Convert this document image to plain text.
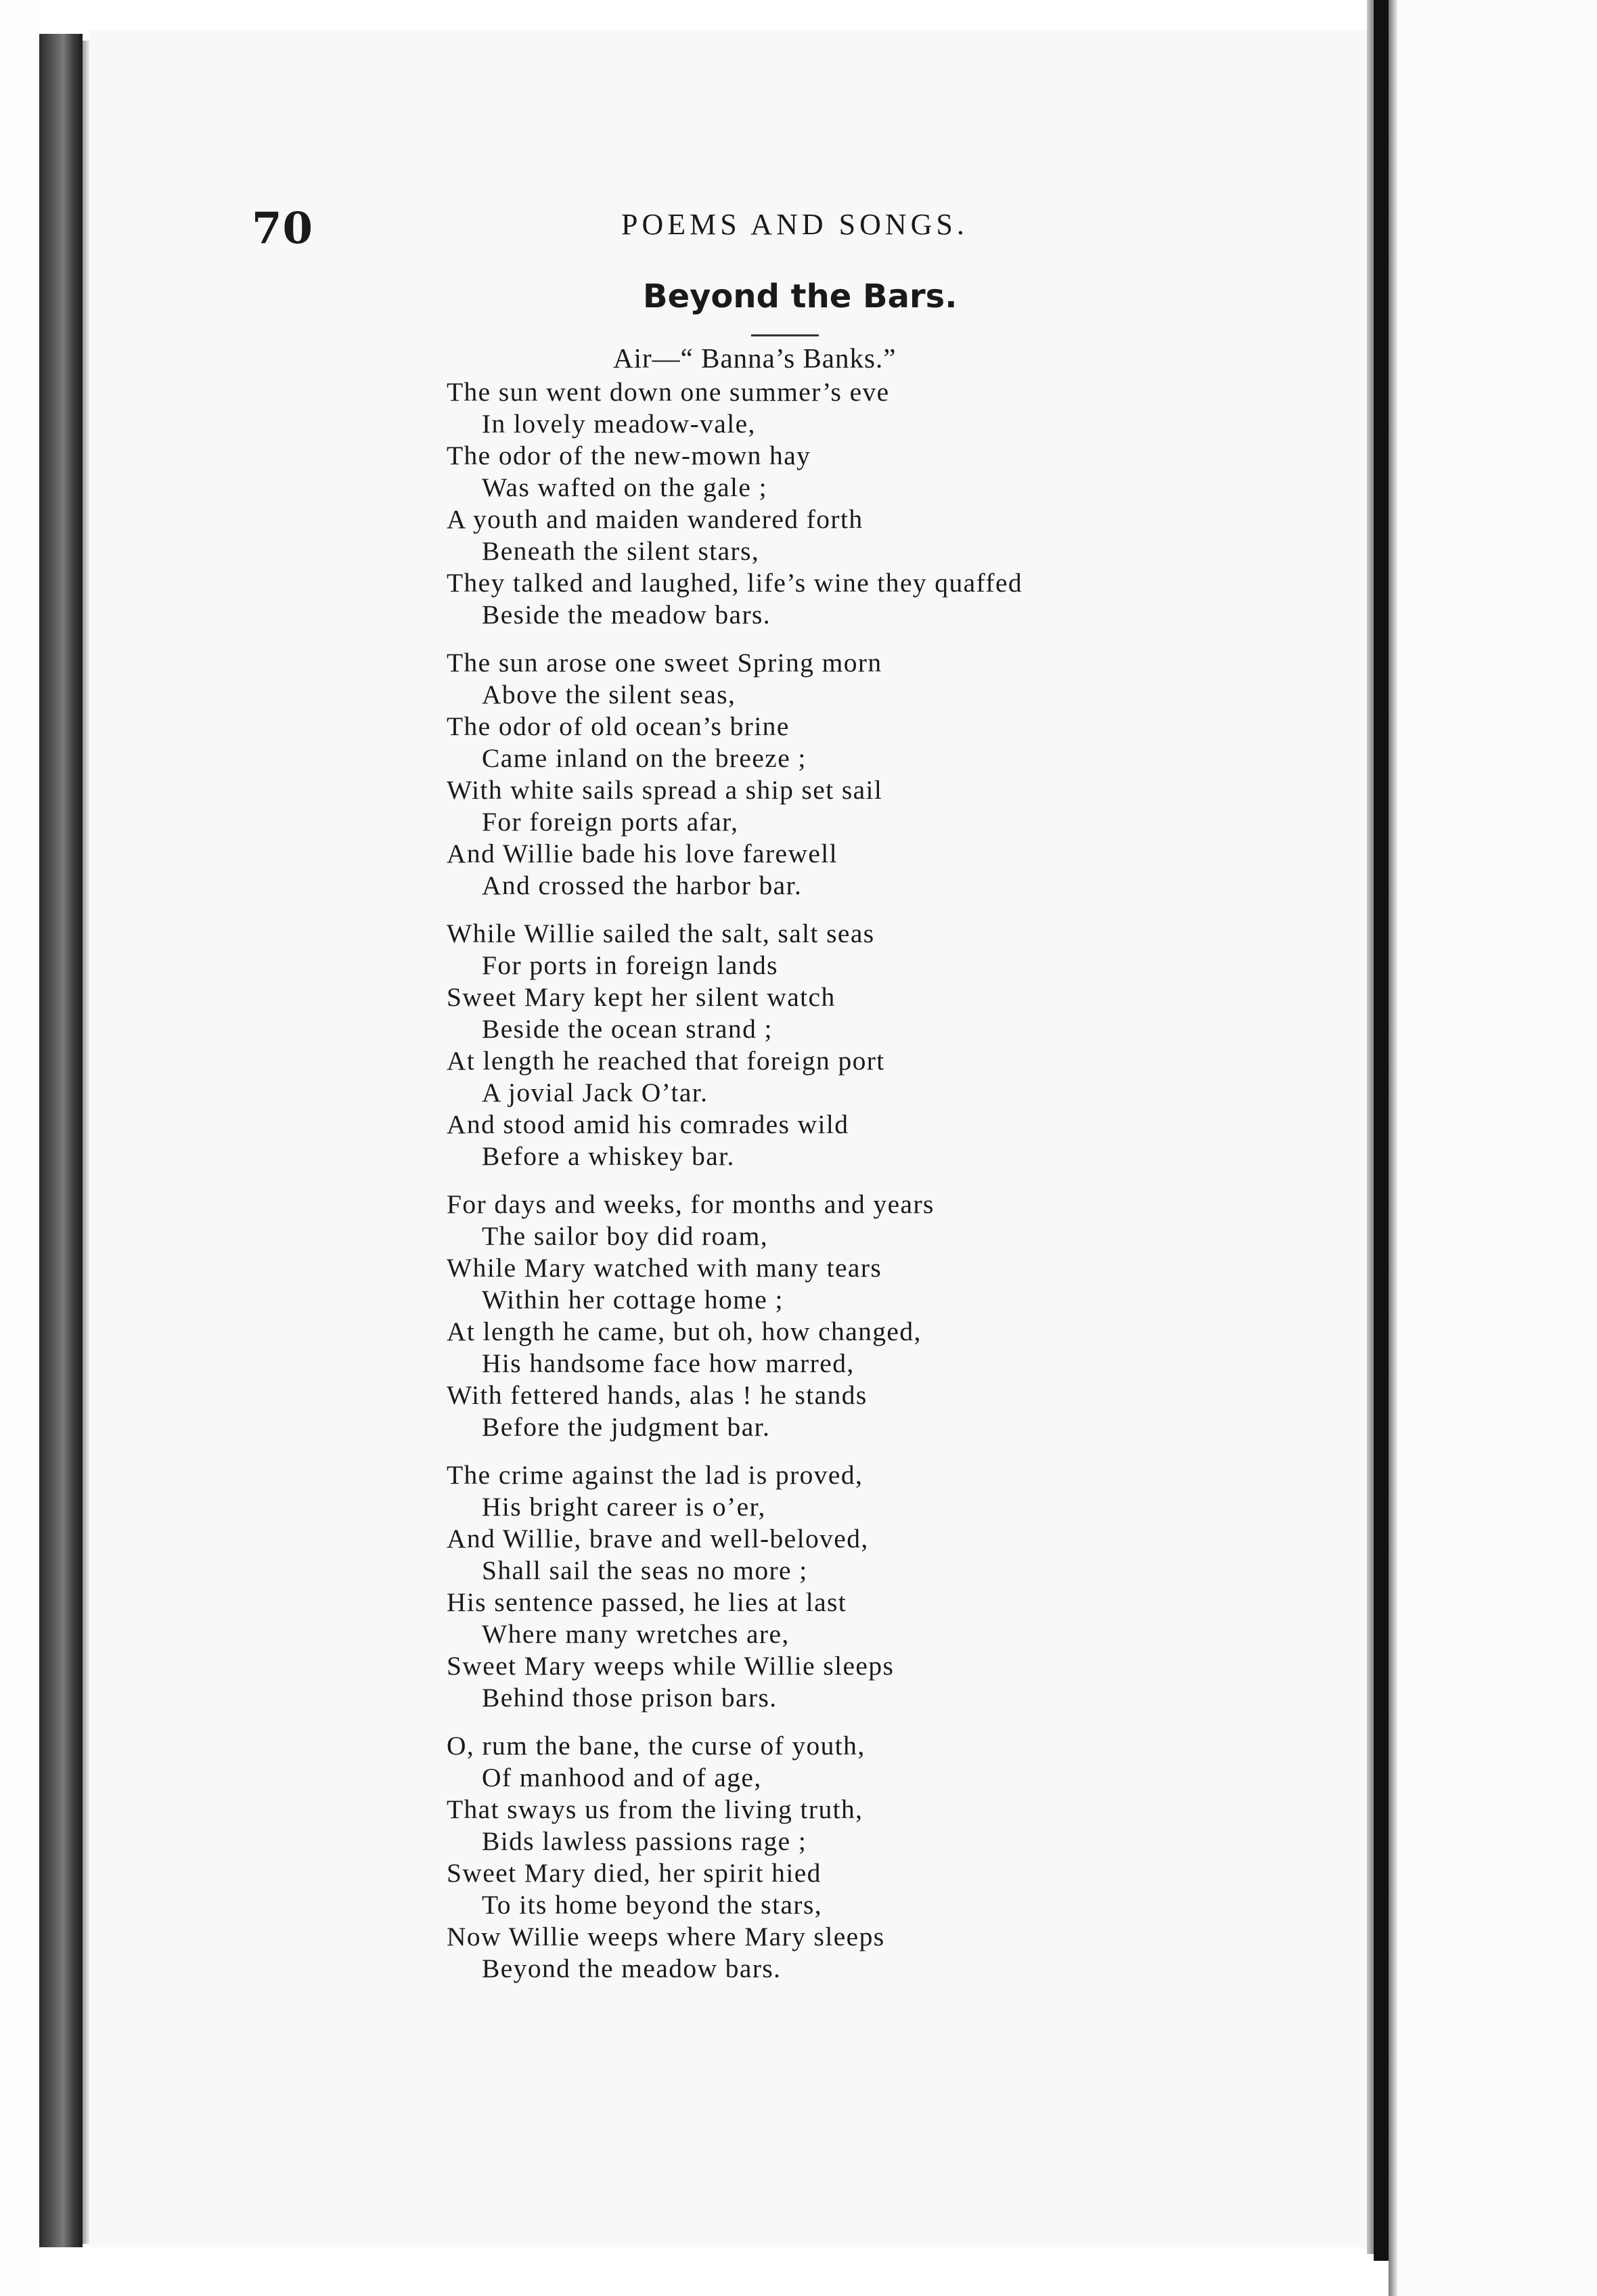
70	POEMS AND SONGS.
Beyond the Bars.
Air—“ Banna’s Banks.”
The sun went down one summer’s eve
In lovely meadow-vale,
The odor of the new-mown hay
Was wafted on the gale ;
A youth and maiden wandered forth
Beneath the silent stars,
They talked and laughed, life’s wine they quaffed
Beside the meadow bars.
The sun arose one sweet Spring morn
Above the silent seas,
The odor of old ocean’s brine
Came inland on the breeze ;
With white sails spread a ship set sail
For foreign ports afar,
And Willie bade his love farewell
And crossed the harbor bar.
While Willie sailed the salt, salt seas
For ports in foreign lands
Sweet Mary kept her silent watch
Beside the ocean strand ;
At length he reached that foreign port
A jovial Jack O’tar.
And stood amid his comrades wild
Before a whiskey bar.
For days and weeks, for months and years
The sailor boy did roam,
While Mary watched with many tears
Within her cottage home ;
At length he came, but oh, how changed,
His handsome face how marred,
With fettered hands, alas ! he stands
Before the judgment bar.
The crime against the lad is proved,
His bright career is o’er,
And Willie, brave and well-beloved,
Shall sail the seas no more ;
His sentence passed, he lies at last
Where many wretches are,
Sweet Mary weeps while Willie sleeps
Behind those prison bars.
O, rum the bane, the curse of youth,
Of manhood and of age,
That sways us from the living truth,
Bids lawless passions rage ;
Sweet Mary died, her spirit hied
To its home beyond the stars,
Now Willie weeps where Mary sleeps
Beyond the meadow bars.
